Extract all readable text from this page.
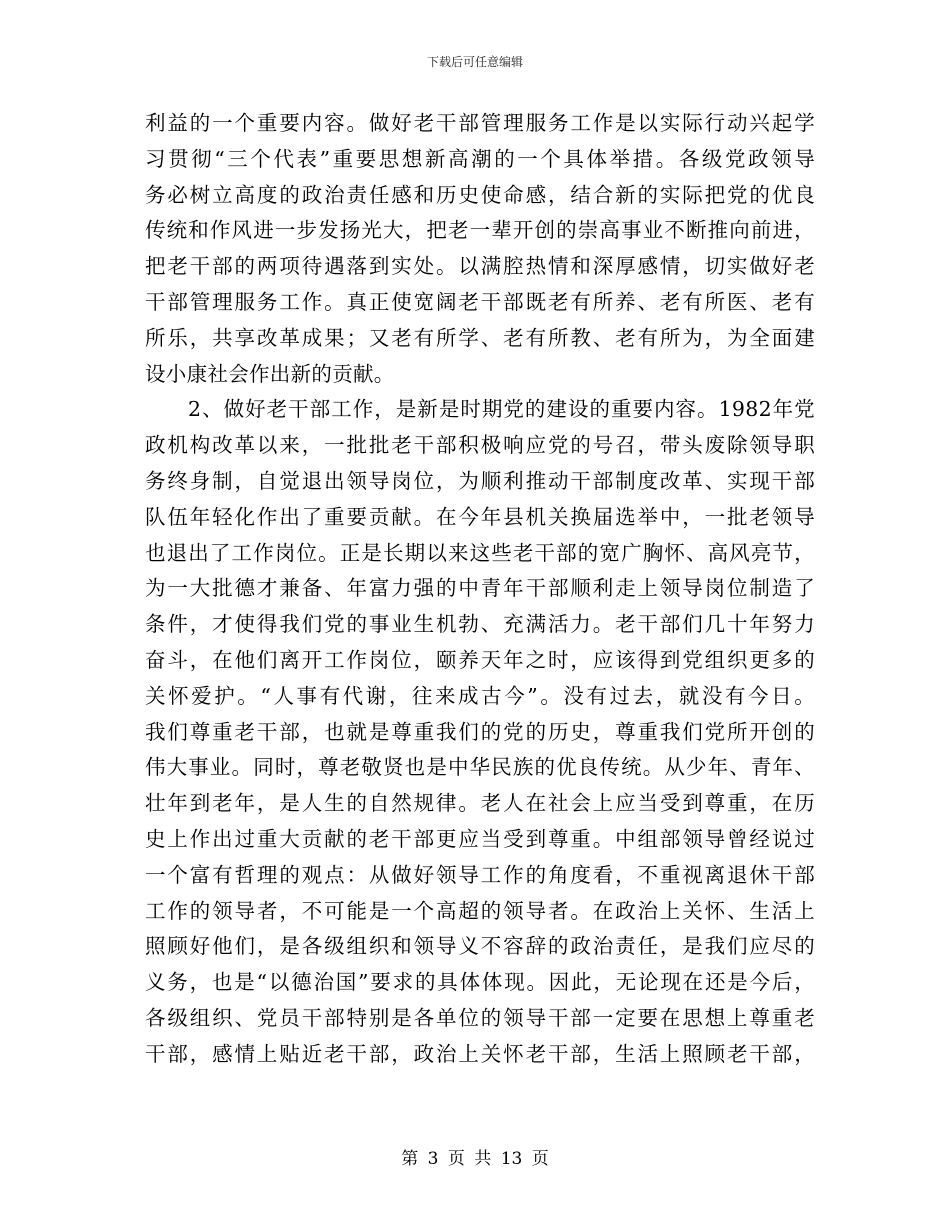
下载后可任意编辑
利益的一个重要内容。做好老干部管理服务工作是以实际行动兴起学
习贯彻“三个代表”重要思想新高潮的一个具体举措。各级党政领导
务必树立高度的政治责任感和历史使命感，结合新的实际把党的优良
传统和作风进一步发扬光大，把老一辈开创的崇高事业不断推向前进，
把老干部的两项待遇落到实处。以满腔热情和深厚感情，切实做好老
干部管理服务工作。真正使宽阔老干部既老有所养、老有所医、老有
所乐，共享改革成果；又老有所学、老有所教、老有所为，为全面建
设小康社会作出新的贡献。
　　2、做好老干部工作，是新是时期党的建设的重要内容。1982年党
政机构改革以来，一批批老干部积极响应党的号召，带头废除领导职
务终身制，自觉退出领导岗位，为顺利推动干部制度改革、实现干部
队伍年轻化作出了重要贡献。在今年县机关换届选举中，一批老领导
也退出了工作岗位。正是长期以来这些老干部的宽广胸怀、高风亮节，
为一大批德才兼备、年富力强的中青年干部顺利走上领导岗位制造了
条件，才使得我们党的事业生机勃、充满活力。老干部们几十年努力
奋斗，在他们离开工作岗位，颐养天年之时，应该得到党组织更多的
关怀爱护。“人事有代谢，往来成古今”。没有过去，就没有今日。
我们尊重老干部，也就是尊重我们的党的历史，尊重我们党所开创的
伟大事业。同时，尊老敬贤也是中华民族的优良传统。从少年、青年、
壮年到老年，是人生的自然规律。老人在社会上应当受到尊重，在历
史上作出过重大贡献的老干部更应当受到尊重。中组部领导曾经说过
一个富有哲理的观点：从做好领导工作的角度看，不重视离退休干部
工作的领导者，不可能是一个高超的领导者。在政治上关怀、生活上
照顾好他们，是各级组织和领导义不容辞的政治责任，是我们应尽的
义务，也是“以德治国”要求的具体体现。因此，无论现在还是今后，
各级组织、党员干部特别是各单位的领导干部一定要在思想上尊重老
干部，感情上贴近老干部，政治上关怀老干部，生活上照顾老干部，
第 3 页 共 13 页
